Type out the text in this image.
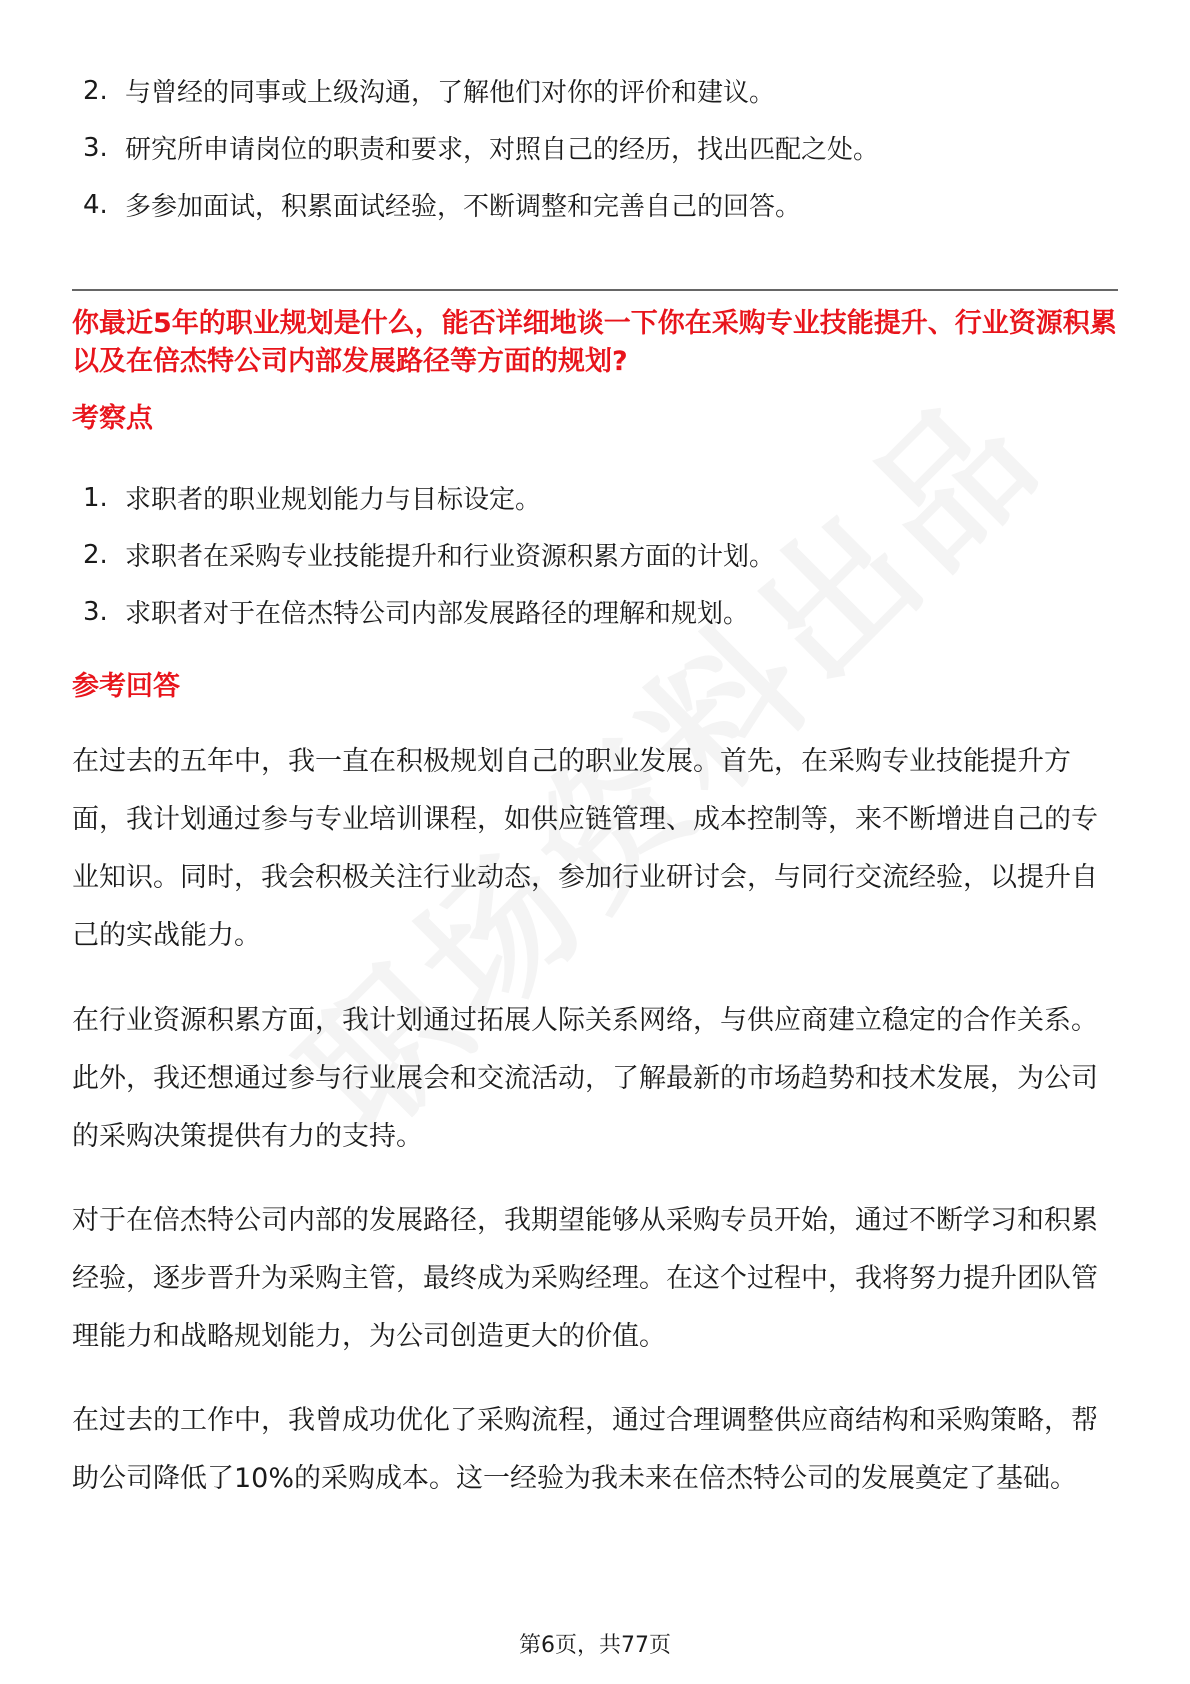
2. 与曾经的同事或上级沟通，了解他们对你的评价和建议。
3. 研究所申请岗位的职责和要求，对照自己的经历，找出匹配之处。
4. 多参加面试，积累面试经验，不断调整和完善自己的回答。

你最近5年的职业规划是什么，能否详细地谈一下你在采购专业技能提升、行业资源积累以及在倍杰特公司内部发展路径等方面的规划?

考察点

1. 求职者的职业规划能力与目标设定。
2. 求职者在采购专业技能提升和行业资源积累方面的计划。
3. 求职者对于在倍杰特公司内部发展路径的理解和规划。

参考回答

在过去的五年中，我一直在积极规划自己的职业发展。首先，在采购专业技能提升方面，我计划通过参与专业培训课程，如供应链管理、成本控制等，来不断增进自己的专业知识。同时，我会积极关注行业动态，参加行业研讨会，与同行交流经验，以提升自己的实战能力。

在行业资源积累方面，我计划通过拓展人际关系网络，与供应商建立稳定的合作关系。此外，我还想通过参与行业展会和交流活动，了解最新的市场趋势和技术发展，为公司的采购决策提供有力的支持。

对于在倍杰特公司内部的发展路径，我期望能够从采购专员开始，通过不断学习和积累经验，逐步晋升为采购主管，最终成为采购经理。在这个过程中，我将努力提升团队管理能力和战略规划能力，为公司创造更大的价值。

在过去的工作中，我曾成功优化了采购流程，通过合理调整供应商结构和采购策略，帮助公司降低了10%的采购成本。这一经验为我未来在倍杰特公司的发展奠定了基础。

第6页，共77页
